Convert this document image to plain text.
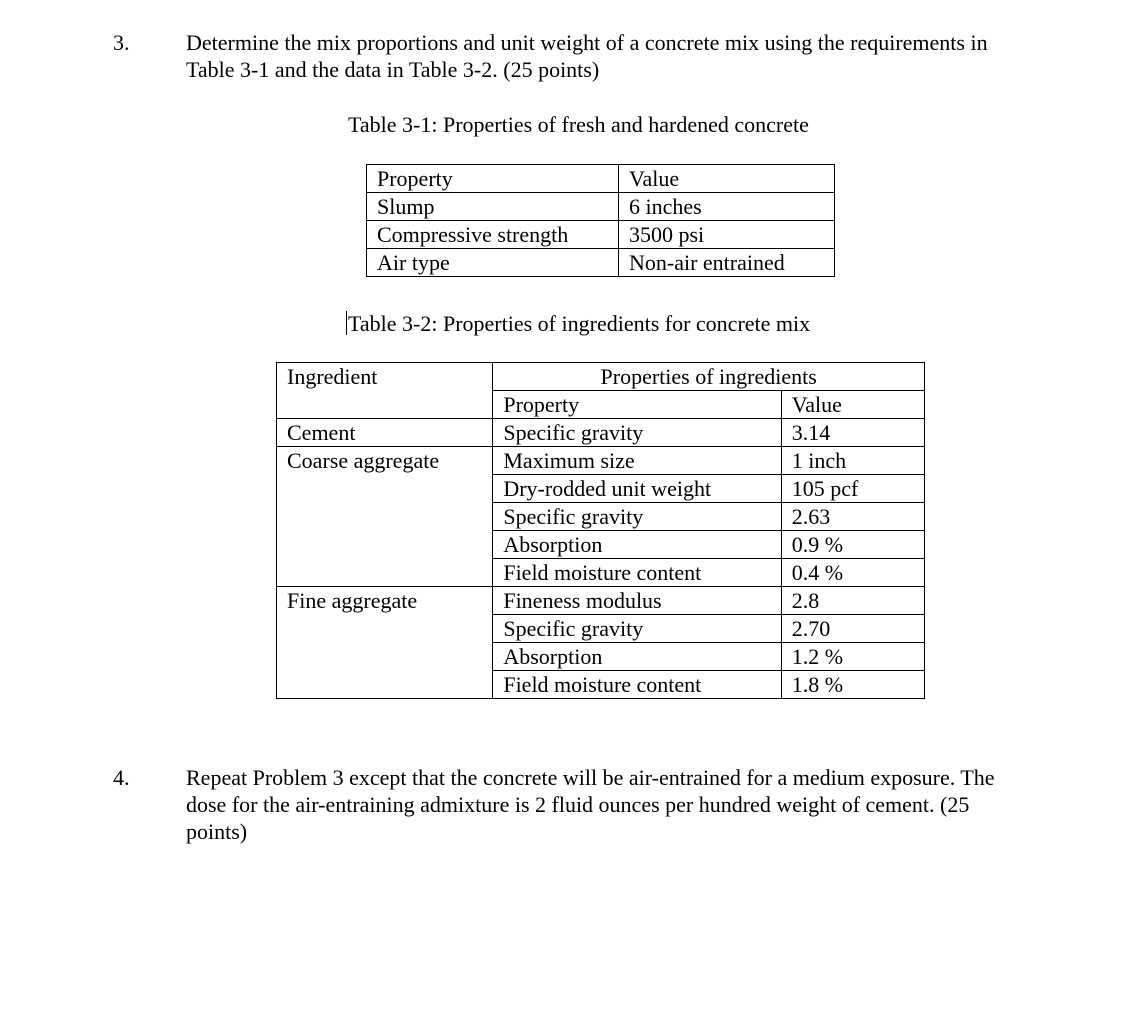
3.	Determine the mix proportions and unit weight of a concrete mix using the requirements in
Table 3-1 and the data in Table 3-2. (25 points)
Table 3-1: Properties of fresh and hardened concrete
Property	Value
Slump	6 inches
Compressive strength	3500 psi
Air type	Non-air entrained
Table 3-2: Properties of ingredients for concrete mix
Ingredient	Properties of ingredients	
	Property	Value
Cement	Specific gravity	3.14
Coarse aggregate	Maximum size	1 inch
	Dry-rodded unit weight	105 pcf
	Specific gravity	2.63
	Absorption	0.9 %
	Field moisture content	0.4 %
Fine aggregate	Fineness modulus	2.8
	Specific gravity	2.70
	Absorption	1.2 %
	Field moisture content	1.8 %
4.	Repeat Problem 3 except that the concrete will be air-entrained for a medium exposure. The
dose for the air-entraining admixture is 2 fluid ounces per hundred weight of cement. (25
points)
